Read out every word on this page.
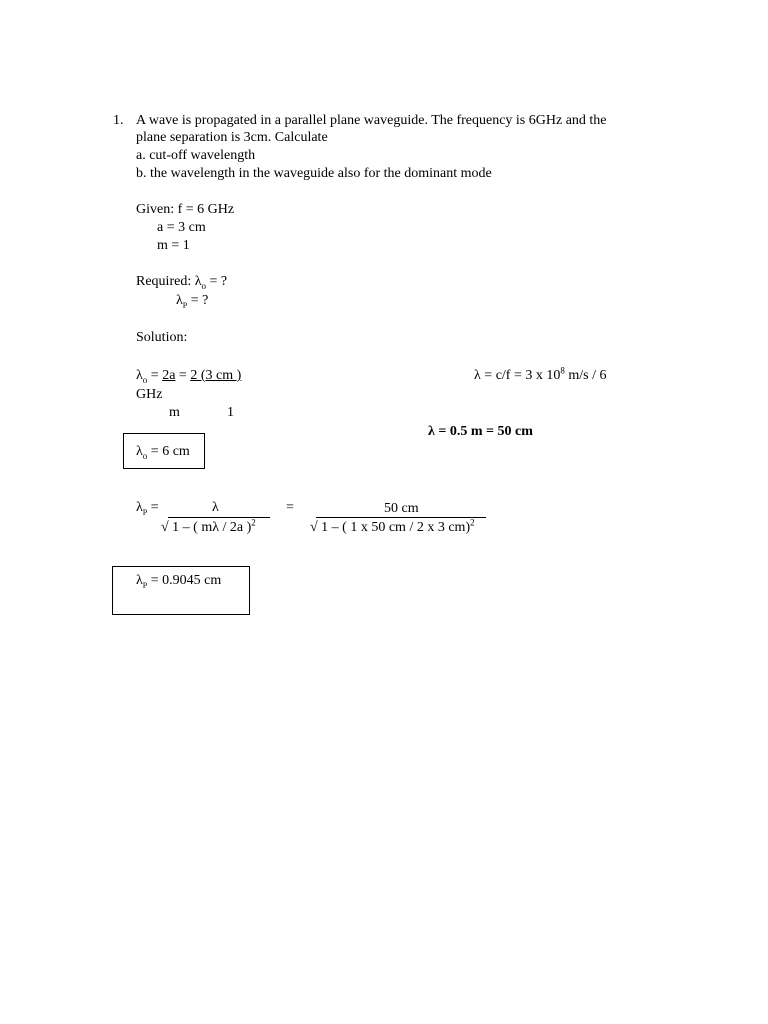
1. A wave is propagated in a parallel plane waveguide. The frequency is 6GHz and the
plane separation is 3cm. Calculate
a. cut-off wavelength
b. the wavelength in the waveguide also for the dominant mode
Given: f = 6 GHz
a = 3 cm
m = 1
Required: $\lambda_o$ = ?
$\lambda_P$ = ?
Solution:
$\lambda_o = 2a = 2$ (3 cm )
m	1
λ = c/f = 3 x $10^8$ m/s / 6
GHz
λ = 0.5 m = 50 cm
$\lambda_o = 6$ cm
$\lambda_P$ =	λ
√ 1 – ( mλ / 2a )$^2$
=	50 cm
√ 1 – ( 1 x 50 cm / 2 x 3 cm)$^2$
$\lambda_P = 0.9045$ cm
